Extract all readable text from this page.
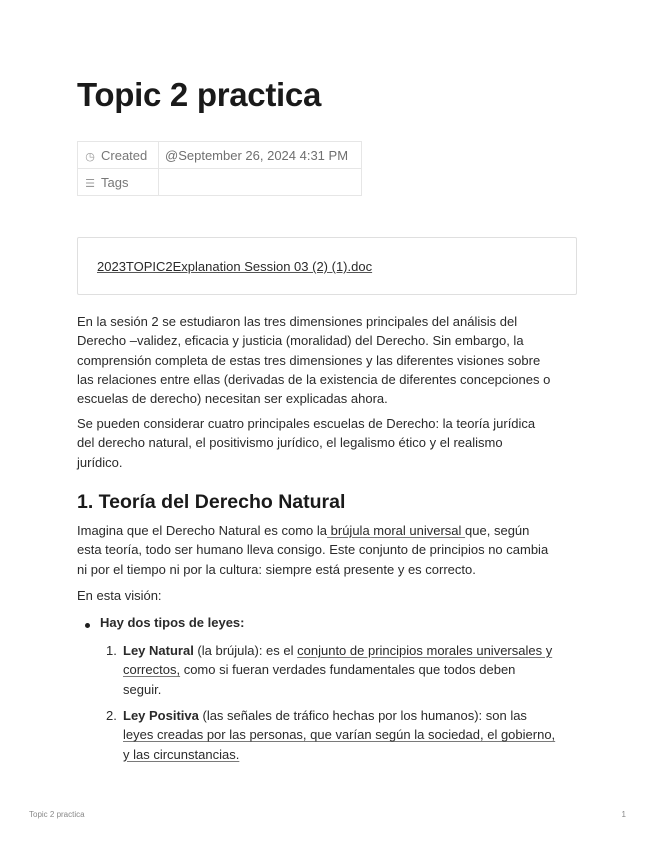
Topic 2 practica
◷ Created	@September 26, 2024 4:31 PM
☰ Tags	
2023TOPIC2Explanation Session 03 (2) (1).doc

En la sesión 2 se estudiaron las tres dimensiones principales del análisis del
Derecho –validez, eficacia y justicia (moralidad) del Derecho. Sin embargo, la
comprensión completa de estas tres dimensiones y las diferentes visiones sobre
las relaciones entre ellas (derivadas de la existencia de diferentes concepciones o
escuelas de derecho) necesitan ser explicadas ahora.

Se pueden considerar cuatro principales escuelas de Derecho: la teoría jurídica
del derecho natural, el positivismo jurídico, el legalismo ético y el realismo
jurídico.

1. Teoría del Derecho Natural

Imagina que el Derecho Natural es como la brújula moral universal que, según
esta teoría, todo ser humano lleva consigo. Este conjunto de principios no cambia
ni por el tiempo ni por la cultura: siempre está presente y es correcto.

En esta visión:

Hay dos tipos de leyes:

1. Ley Natural (la brújula): es el conjunto de principios morales universales y
correctos, como si fueran verdades fundamentales que todos deben
seguir.

2. Ley Positiva (las señales de tráfico hechas por los humanos): son las
leyes creadas por las personas, que varían según la sociedad, el gobierno,
y las circunstancias.

Topic 2 practica	1
